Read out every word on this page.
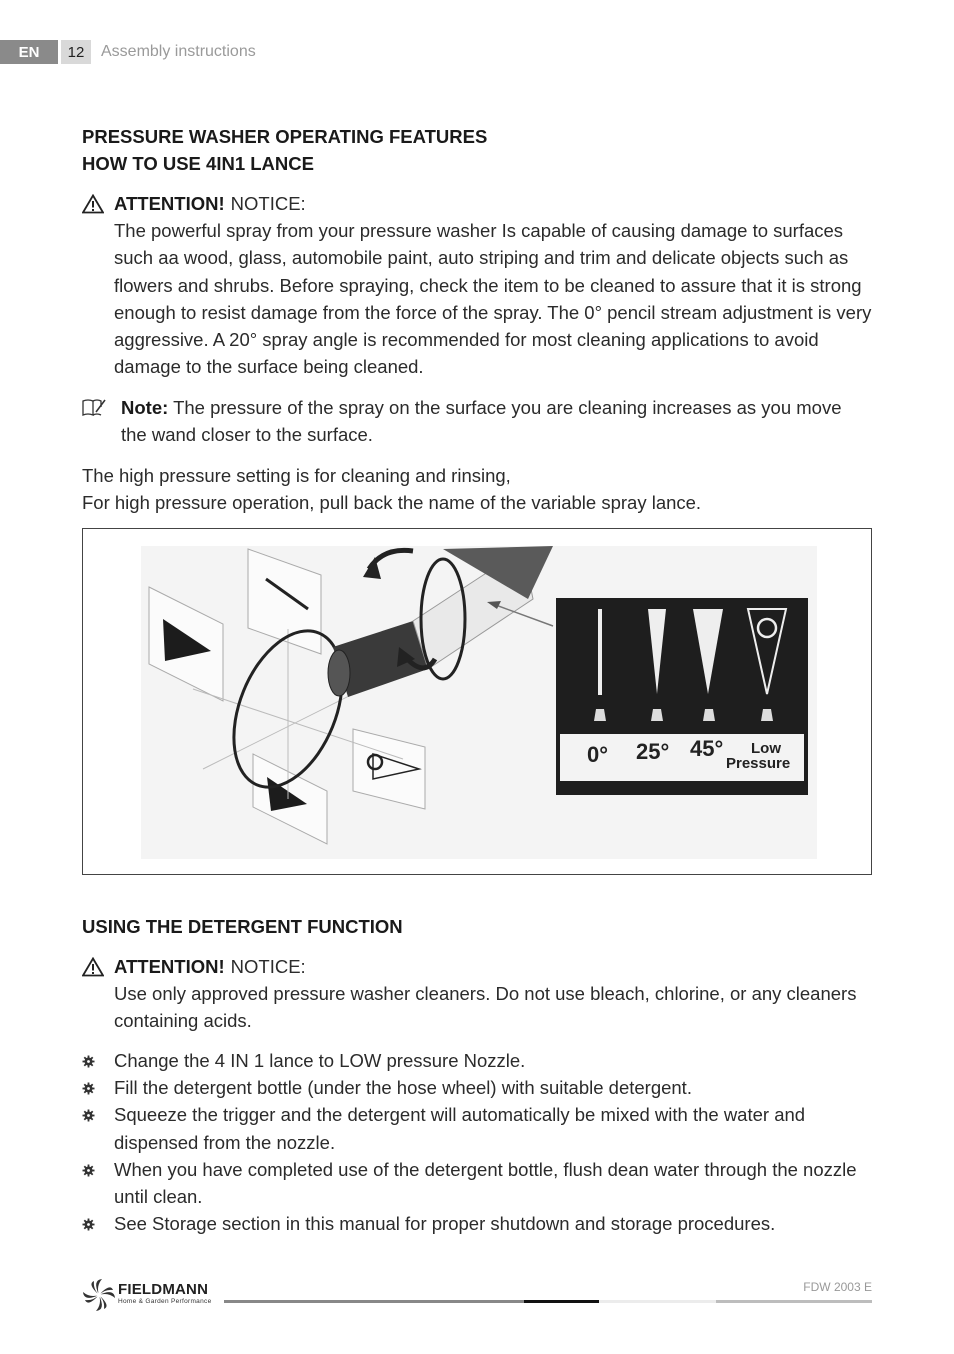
EN	12	Assembly instructions
PRESSURE WASHER OPERATING FEATURES
HOW TO USE 4IN1 LANCE
ATTENTION! NOTICE:
The powerful spray from your pressure washer Is capable of causing damage to surfaces such aa wood, glass, automobile paint, auto striping and trim and delicate objects such as flowers and shrubs. Before spraying, check the item to be cleaned to assure that it is strong enough to resist damage from the force of the spray. The 0° pencil stream adjustment is very aggressive. A 20° spray angle is recommended for most cleaning applications to avoid damage to the surface being cleaned.
Note: The pressure of the spray on the surface you are cleaning increases as you move the wand closer to the surface.

The high pressure setting is for cleaning and rinsing,

For high pressure operation, pull back the name of the variable spray lance.

0° 25° 45° Low
Pressure
USING THE DETERGENT FUNCTION
ATTENTION! NOTICE:
Use only approved pressure washer cleaners. Do not use bleach, chlorine, or any cleaners containing acids.
Change the 4 IN 1 lance to LOW pressure Nozzle.
Fill the detergent bottle (under the hose wheel) with suitable detergent.
Squeeze the trigger and the detergent will automatically be mixed with the water and dispensed from the nozzle.
When you have completed use of the detergent bottle, flush dean water through the nozzle until clean.
See Storage section in this manual for proper shutdown and storage procedures.
FIELDMANN
Home & Garden Performance
FDW 2003 E
